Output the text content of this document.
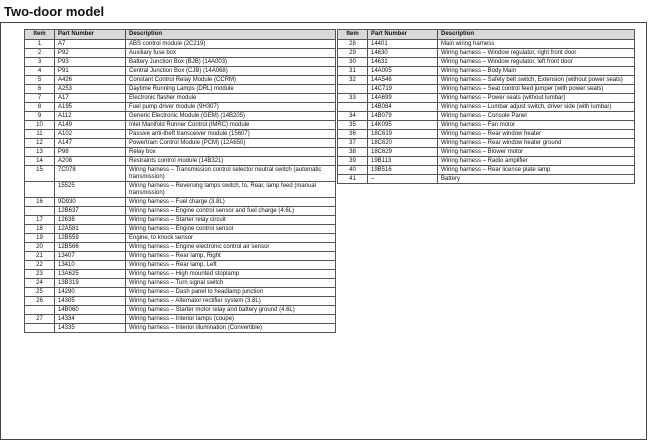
Two-door model
Item	Part Number	Description
1	A7	ABS control module (2C219)
2	P92	Auxiliary fuse box
3	P93	Battery Junction Box (BJB) (14A003)
4	P91	Central Junction Box (CJB) (14A068)
5	A426	Constant Control Relay Module (CCRM)
6	A253	Daytime Running Lamps (DRL) module
7	A17	Electronic flasher module
8	A195	Fuel pump driver module (9H307)
9	A112	Generic Electronic Module (GEM) (14B205)
10	A149	Inlet Manifold Runner Control (IMRC) module
11	A102	Passive anti-theft transceiver module (15607)
12	A147	Powertrain Control Module (PCM) (12A650)
13	P98	Relay box
14	A208	Restraints control module (14B321)
15	7C078	Wiring harness – Transmission control selector neutral switch (automatic transmission)
	15525	Wiring harness – Reversing lamps switch, to, Rear, lamp feed (manual transmission)
16	9D930	Wiring harness – Fuel charge (3.8L)
	12B637	Wiring harness – Engine control sensor and fuel charge (4.6L)
17	12638	Wiring harness – Starter relay circuit
18	12A581	Wiring harness – Engine control sensor
19	12B559	Engine, to knock sensor
20	12B566	Wiring harness – Engine electronic control air sensor
21	13407	Wiring harness – Rear lamp, Right
22	13410	Wiring harness – Rear lamp, Left
23	13A625	Wiring harness – High mounted stoplamp
24	13B319	Wiring harness – Turn signal switch
25	14290	Wiring harness – Dash panel to headlamp junction
26	14305	Wiring harness – Alternator rectifier system (3.8L)
	14B060	Wiring harness – Starter motor relay and battery ground (4.6L)
27	14334	Wiring harness – Interior lamps (coupe)
	14335	Wiring harness – Interior illumination (Convertible)
Item	Part Number	Description
28	14401	Main wiring harness
29	14630	Wiring harness – Window regulator, right front door
30	14631	Wiring harness – Window regulator, left front door
31	14A005	Wiring harness – Body Main
32	14A546	Wiring harness – Safety belt switch, Extension (without power seats)
	14C719	Wiring harness – Seat control feed jumper (with power seats)
33	14A699	Wiring harness – Power seats (without lumbar)
	14B084	Wiring harness – Lumbar adjust switch, driver side (with lumbar)
34	14B079	Wiring harness – Console Panel
35	14K095	Wiring harness – Fan motor
36	18C619	Wiring harness – Rear window heater
37	18C620	Wiring harness – Rear window heater ground
38	18C629	Wiring harness – Blower motor
39	19B113	Wiring harness – Radio amplifier
40	19B516	Wiring harness – Rear license plate lamp
41	–	Battery
